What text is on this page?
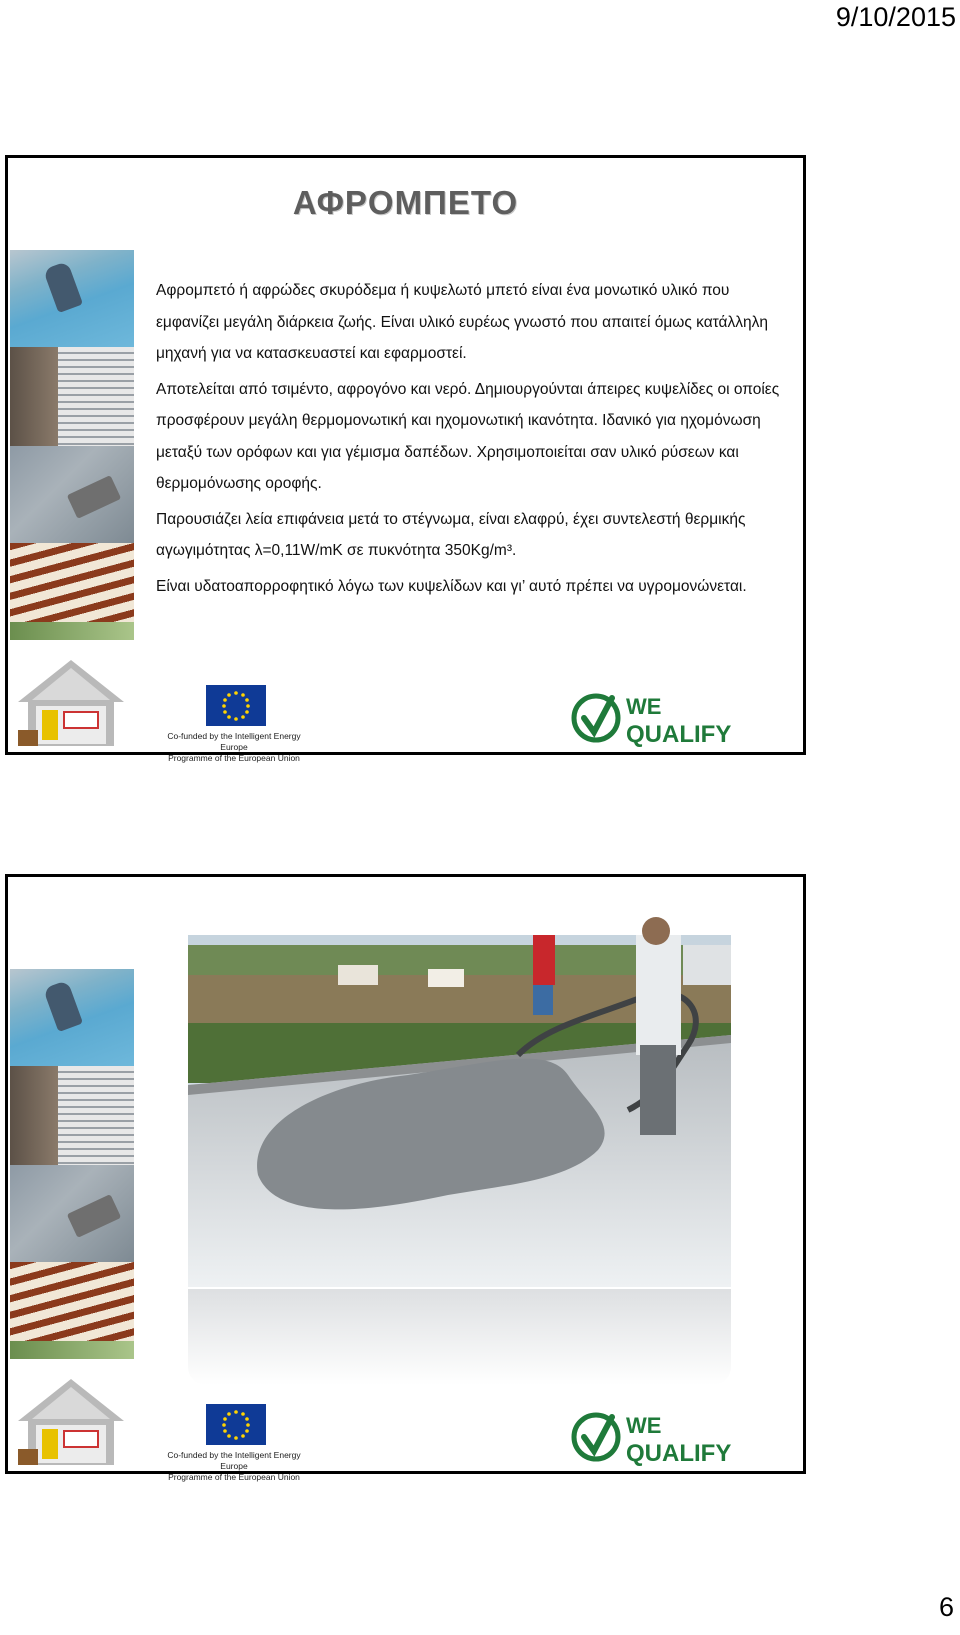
9/10/2015
ΑΦΡΟΜΠΕΤΟ

Αφρομπετό ή αφρώδες σκυρόδεμα ή κυψελωτό μπετό είναι ένα μονωτικό υλικό που εμφανίζει μεγάλη διάρκεια ζωής. Είναι υλικό ευρέως γνωστό που απαιτεί όμως κατάλληλη μηχανή για να κατασκευαστεί και εφαρμοστεί.

Αποτελείται από τσιμέντο, αφρογόνο και νερό. Δημιουργούνται άπειρες κυψελίδες οι οποίες προσφέρουν μεγάλη θερμομονωτική και ηχομονωτική ικανότητα. Ιδανικό για ηχομόνωση μεταξύ των ορόφων και για γέμισμα δαπέδων. Χρησιμοποιείται σαν υλικό ρύσεων και θερμομόνωσης οροφής.

Παρουσιάζει λεία επιφάνεια μετά το στέγνωμα, είναι ελαφρύ, έχει συντελεστή θερμικής αγωγιμότητας λ=0,11W/mK σε πυκνότητα 350Kg/m³.

Είναι υδατοαπορροφητικό λόγω των κυψελίδων και γι’ αυτό πρέπει να υγρομονώνεται.

Co-funded by the Intelligent Energy Europe
Programme of the European Union
WE
QUALIFY
Co-funded by the Intelligent Energy Europe
Programme of the European Union
WE
QUALIFY
6
